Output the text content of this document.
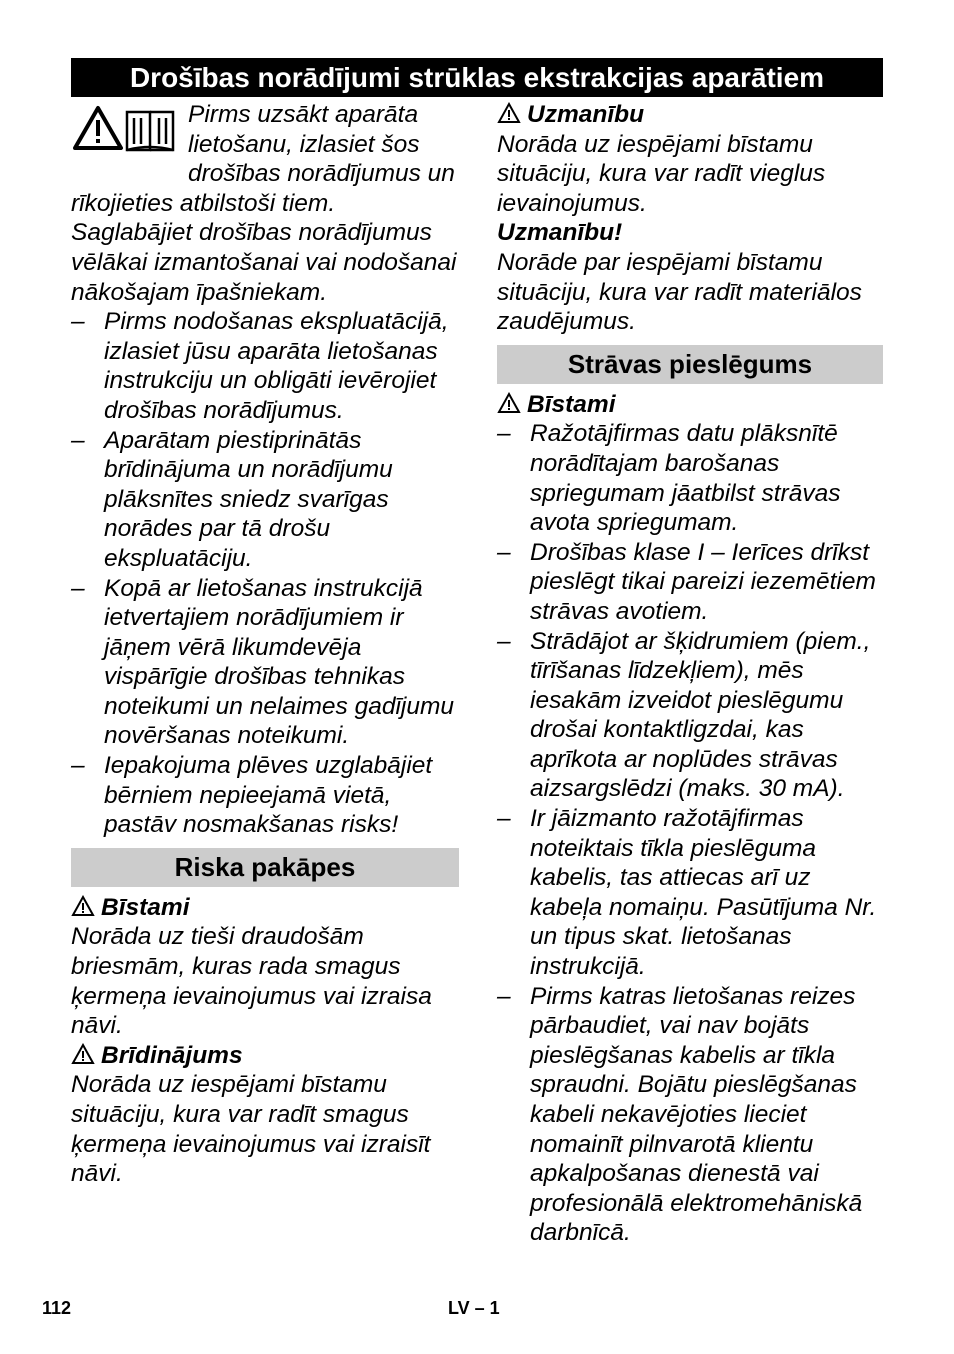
Drošības norādījumi strūklas ekstrakcijas aparātiem

Pirms uzsākt aparāta lietošanu, izlasiet šos drošības norādījumus un rīkojieties atbilstoši tiem. Saglabājiet drošības norādījumus vēlākai izmantošanai vai nodošanai nākošajam īpašniekam.

– Pirms nodošanas ekspluatācijā, izlasiet jūsu aparāta lietošanas instrukciju un obligāti ievērojiet drošības norādījumus.
– Aparātam piestiprinātās brīdinājuma un norādījumu plāksnītes sniedz svarīgas norādes par tā drošu ekspluatāciju.
– Kopā ar lietošanas instrukcijā ietvertajiem norādījumiem ir jāņem vērā likumdevēja vispārīgie drošības tehnikas noteikumi un nelaimes gadījumu novēršanas noteikumi.
– Iepakojuma plēves uzglabājiet bērniem nepieejamā vietā, pastāv nosmakšanas risks!
Riska pakāpes
Bīstami

Norāda uz tieši draudošām briesmām, kuras rada smagus ķermeņa ievainojumus vai izraisa nāvi.

Brīdinājums

Norāda uz iespējami bīstamu situāciju, kura var radīt smagus ķermeņa ievainojumus vai izraisīt nāvi.

Uzmanību

Norāda uz iespējami bīstamu situāciju, kura var radīt vieglus ievainojumus.

Uzmanību!

Norāde par iespējami bīstamu situāciju, kura var radīt materiālos zaudējumus.

Strāvas pieslēgums
Bīstami
– Ražotājfirmas datu plāksnītē norādītajam barošanas spriegumam jāatbilst strāvas avota spriegumam.
– Drošības klase I – Ierīces drīkst pieslēgt tikai pareizi iezemētiem strāvas avotiem.
– Strādājot ar šķidrumiem (piem., tīrīšanas līdzekļiem), mēs iesakām izveidot pieslēgumu drošai kontaktligzdai, kas aprīkota ar noplūdes strāvas aizsargslēdzi (maks. 30 mA).
– Ir jāizmanto ražotājfirmas noteiktais tīkla pieslēguma kabelis, tas attiecas arī uz kabeļa nomaiņu. Pasūtījuma Nr. un tipus skat. lietošanas instrukcijā.
– Pirms katras lietošanas reizes pārbaudiet, vai nav bojāts pieslēgšanas kabelis ar tīkla spraudni. Bojātu pieslēgšanas kabeli nekavējoties lieciet nomainīt pilnvarotā klientu apkalpošanas dienestā vai profesionālā elektromehāniskā darbnīcā.
112	LV – 1
